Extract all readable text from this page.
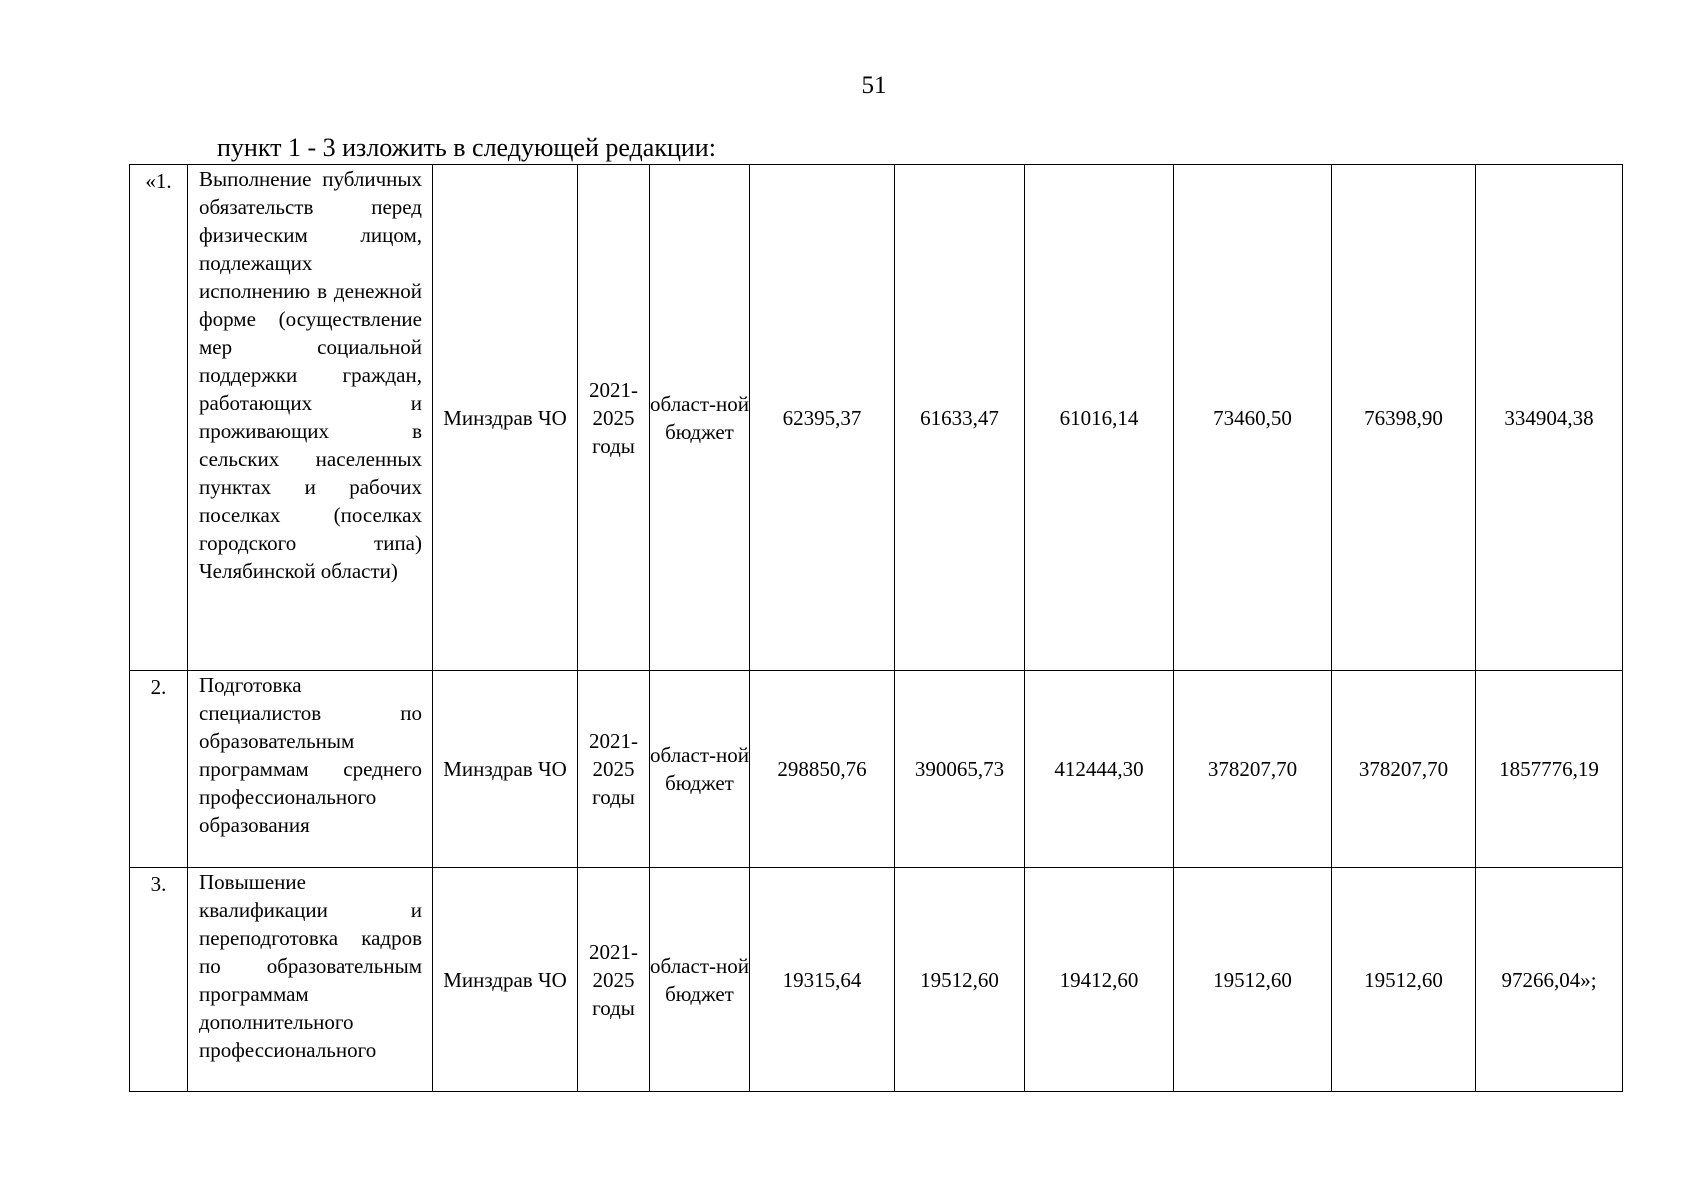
51
пункт 1 - 3 изложить в следующей редакции:
«1.	Выполнение публичных обязательств перед физическим лицом, подлежащих исполнению в денежной форме (осуществление мер социальной поддержки граждан, работающих и проживающих в сельских населенных пунктах и рабочих поселках (поселках городского типа) Челябинской области)	Минздрав ЧО	2021-2025 годы	област-ной бюджет	62395,37	61633,47	61016,14	73460,50	76398,90	334904,38
2.	Подготовка специалистов по образовательным программам среднего профессионального образования	Минздрав ЧО	2021-2025 годы	област-ной бюджет	298850,76	390065,73	412444,30	378207,70	378207,70	1857776,19
3.	Повышение квалификации и переподготовка кадров по образовательным программам дополнительного профессионального	Минздрав ЧО	2021-2025 годы	област-ной бюджет	19315,64	19512,60	19412,60	19512,60	19512,60	97266,04»;
